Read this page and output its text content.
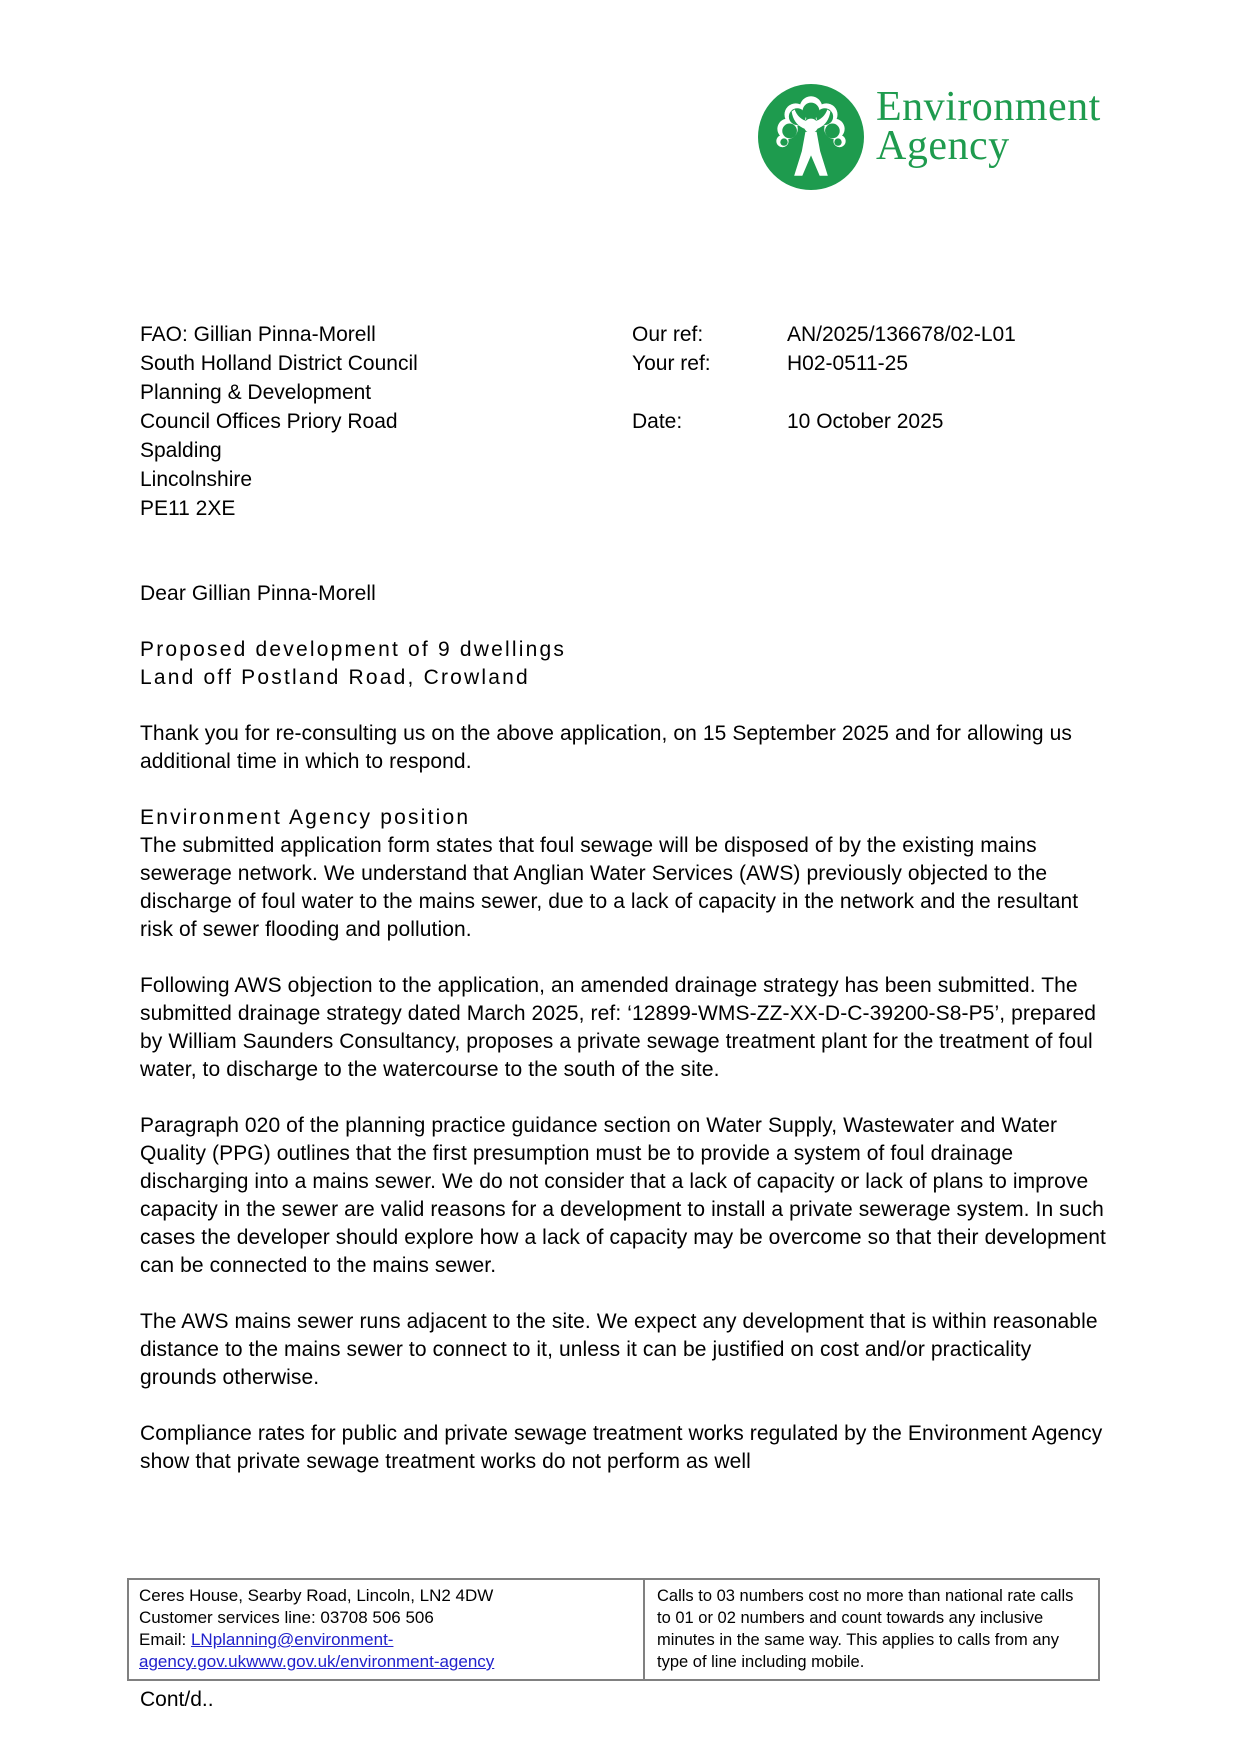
Environment
Agency
FAO: Gillian Pinna-Morell
South Holland District Council
Planning & Development
Council Offices Priory Road
Spalding
Lincolnshire
PE11 2XE
Our ref:	AN/2025/136678/02-L01
Your ref:	H02-0511-25
Date:	10 October 2025

Dear Gillian Pinna-Morell

Proposed development of 9 dwellings
Land off Postland Road, Crowland

Thank you for re-consulting us on the above application, on 15 September 2025 and for allowing us additional time in which to respond.

Environment Agency position

The submitted application form states that foul sewage will be disposed of by the existing mains sewerage network. We understand that Anglian Water Services (AWS) previously objected to the discharge of foul water to the mains sewer, due to a lack of capacity in the network and the resultant risk of sewer flooding and pollution.

Following AWS objection to the application, an amended drainage strategy has been submitted. The submitted drainage strategy dated March 2025, ref: ‘12899-WMS-ZZ-XX-D-C-39200-S8-P5’, prepared by William Saunders Consultancy, proposes a private sewage treatment plant for the treatment of foul water, to discharge to the watercourse to the south of the site.

Paragraph 020 of the planning practice guidance section on Water Supply, Wastewater and Water Quality (PPG) outlines that the first presumption must be to provide a system of foul drainage discharging into a mains sewer. We do not consider that a lack of capacity or lack of plans to improve capacity in the sewer are valid reasons for a development to install a private sewerage system. In such cases the developer should explore how a lack of capacity may be overcome so that their development can be connected to the mains sewer.

The AWS mains sewer runs adjacent to the site. We expect any development that is within reasonable distance to the mains sewer to connect to it, unless it can be justified on cost and/or practicality grounds otherwise.

Compliance rates for public and private sewage treatment works regulated by the Environment Agency show that private sewage treatment works do not perform as well

Ceres House, Searby Road, Lincoln, LN2 4DW
Customer services line: 03708 506 506
Email: LNplanning@environment-agency.gov.ukwww.gov.uk/environment-agency
Calls to 03 numbers cost no more than national rate calls to 01 or 02 numbers and count towards any inclusive minutes in the same way. This applies to calls from any type of line including mobile.
Cont/d..
